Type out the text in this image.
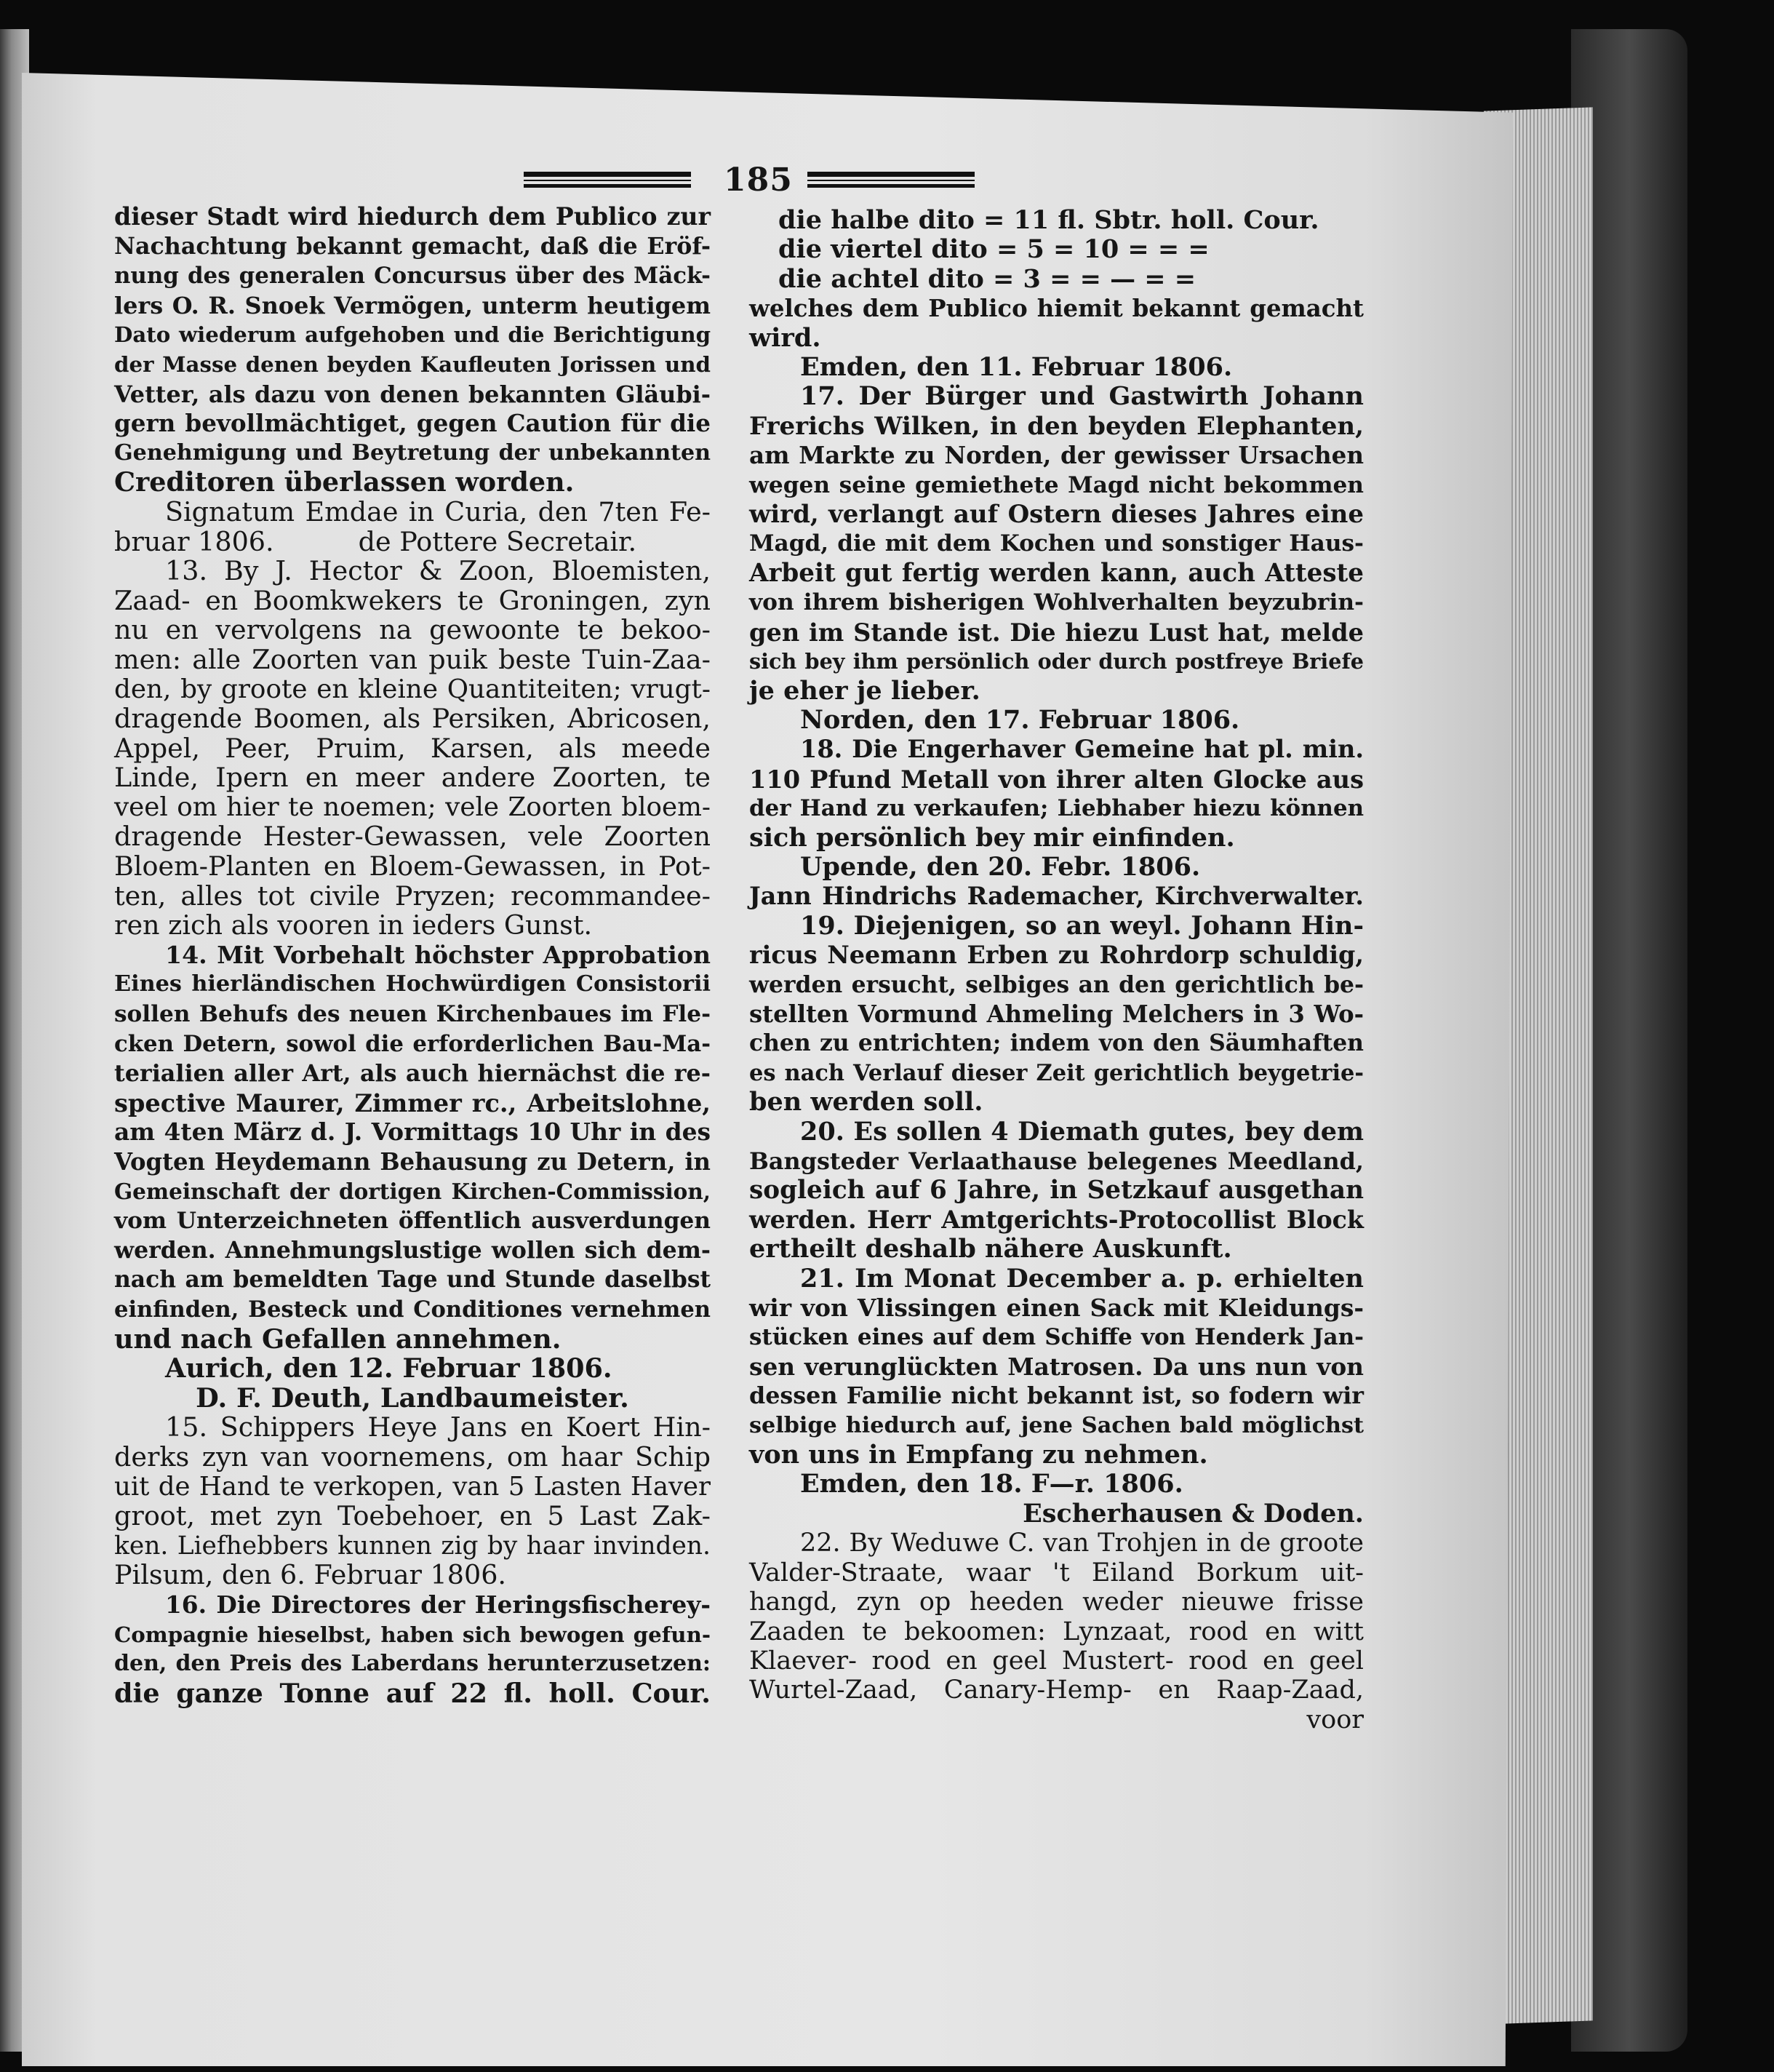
185
dieser Stadt wird hiedurch dem Publico zur
Nachachtung bekannt gemacht, daß die Eröf-
nung des generalen Concursus über des Mäck-
lers O. R. Snoek Vermögen, unterm heutigem
Dato wiederum aufgehoben und die Berichtigung
der Masse denen beyden Kaufleuten Jorissen und
Vetter, als dazu von denen bekannten Gläubi-
gern bevollmächtiget, gegen Caution für die
Genehmigung und Beytretung der unbekannten
Creditoren überlassen worden.
Signatum Emdae in Curia, den 7ten Fe-
bruar 1806.          de Pottere Secretair.
13. By J. Hector & Zoon, Bloemisten,
Zaad- en Boomkwekers te Groningen, zyn
nu en vervolgens na gewoonte te bekoo-
men: alle Zoorten van puik beste Tuin-Zaa-
den, by groote en kleine Quantiteiten; vrugt-
dragende Boomen, als Persiken, Abricosen,
Appel, Peer, Pruim, Karsen, als meede
Linde, Ipern en meer andere Zoorten, te
veel om hier te noemen; vele Zoorten bloem-
dragende Hester-Gewassen, vele Zoorten
Bloem-Planten en Bloem-Gewassen, in Pot-
ten, alles tot civile Pryzen; recommandee-
ren zich als vooren in ieders Gunst.
14. Mit Vorbehalt höchster Approbation
Eines hierländischen Hochwürdigen Consistorii
sollen Behufs des neuen Kirchenbaues im Fle-
cken Detern, sowol die erforderlichen Bau-Ma-
terialien aller Art, als auch hiernächst die re-
spective Maurer, Zimmer rc., Arbeitslohne,
am 4ten März d. J. Vormittags 10 Uhr in des
Vogten Heydemann Behausung zu Detern, in
Gemeinschaft der dortigen Kirchen-Commission,
vom Unterzeichneten öffentlich ausverdungen
werden. Annehmungslustige wollen sich dem-
nach am bemeldten Tage und Stunde daselbst
einfinden, Besteck und Conditiones vernehmen
und nach Gefallen annehmen.
Aurich, den 12. Februar 1806.
D. F. Deuth, Landbaumeister.
15. Schippers Heye Jans en Koert Hin-
derks zyn van voornemens, om haar Schip
uit de Hand te verkopen, van 5 Lasten Haver
groot, met zyn Toebehoer, en 5 Last Zak-
ken. Liefhebbers kunnen zig by haar invinden.
Pilsum, den 6. Februar 1806.
16. Die Directores der Heringsfischerey-
Compagnie hieselbst, haben sich bewogen gefun-
den, den Preis des Laberdans herunterzusetzen:
die ganze Tonne auf 22 fl. holl. Cour.
die halbe dito = 11 fl. Sbtr. holl. Cour.
die viertel dito = 5 = 10 = = =
die achtel dito = 3 = = — = =
welches dem Publico hiemit bekannt gemacht
wird.
Emden, den 11. Februar 1806.
17. Der Bürger und Gastwirth Johann
Frerichs Wilken, in den beyden Elephanten,
am Markte zu Norden, der gewisser Ursachen
wegen seine gemiethete Magd nicht bekommen
wird, verlangt auf Ostern dieses Jahres eine
Magd, die mit dem Kochen und sonstiger Haus-
Arbeit gut fertig werden kann, auch Atteste
von ihrem bisherigen Wohlverhalten beyzubrin-
gen im Stande ist. Die hiezu Lust hat, melde
sich bey ihm persönlich oder durch postfreye Briefe
je eher je lieber.
Norden, den 17. Februar 1806.
18. Die Engerhaver Gemeine hat pl. min.
110 Pfund Metall von ihrer alten Glocke aus
der Hand zu verkaufen; Liebhaber hiezu können
sich persönlich bey mir einfinden.
Upende, den 20. Febr. 1806.
Jann Hindrichs Rademacher, Kirchverwalter.
19. Diejenigen, so an weyl. Johann Hin-
ricus Neemann Erben zu Rohrdorp schuldig,
werden ersucht, selbiges an den gerichtlich be-
stellten Vormund Ahmeling Melchers in 3 Wo-
chen zu entrichten; indem von den Säumhaften
es nach Verlauf dieser Zeit gerichtlich beygetrie-
ben werden soll.
20. Es sollen 4 Diemath gutes, bey dem
Bangsteder Verlaathause belegenes Meedland,
sogleich auf 6 Jahre, in Setzkauf ausgethan
werden. Herr Amtgerichts-Protocollist Block
ertheilt deshalb nähere Auskunft.
21. Im Monat December a. p. erhielten
wir von Vlissingen einen Sack mit Kleidungs-
stücken eines auf dem Schiffe von Henderk Jan-
sen verunglückten Matrosen. Da uns nun von
dessen Familie nicht bekannt ist, so fodern wir
selbige hiedurch auf, jene Sachen bald möglichst
von uns in Empfang zu nehmen.
Emden, den 18. F—r. 1806.
Escherhausen & Doden.
22. By Weduwe C. van Trohjen in de groote
Valder-Straate, waar 't Eiland Borkum uit-
hangd, zyn op heeden weder nieuwe frisse
Zaaden te bekoomen: Lynzaat, rood en witt
Klaever- rood en geel Mustert- rood en geel
Wurtel-Zaad, Canary-Hemp- en Raap-Zaad,
voor
